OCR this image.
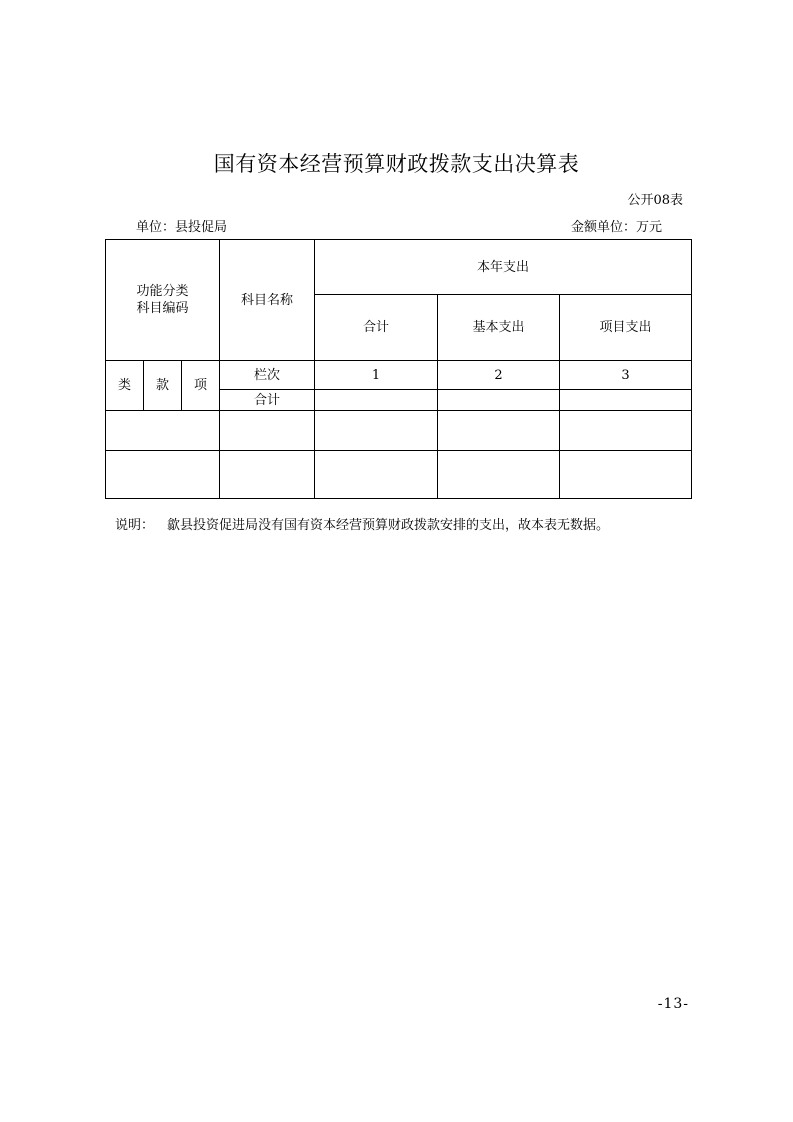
国有资本经营预算财政拨款支出决算表
公开08表
单位：县投促局	金额单位：万元
功能分类
科目编码			科目名称	本年支出		
				合计	基本支出	项目支出
类	款	项	栏次	1	2	3
			合计			

说明： 歙县投资促进局没有国有资本经营预算财政拨款安排的支出，故本表无数据。
-13-
